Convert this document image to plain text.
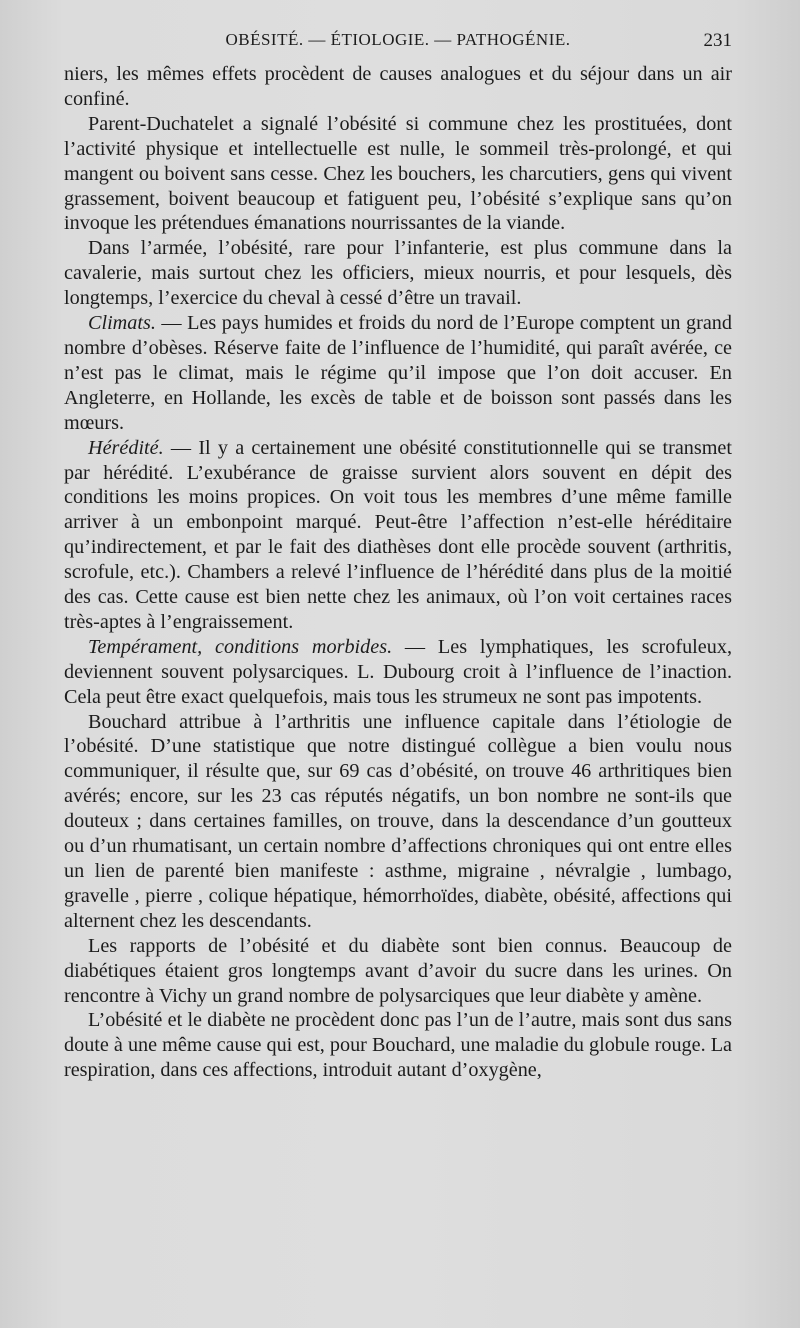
OBÉSITÉ. — ÉTIOLOGIE. — PATHOGÉNIE.	231

niers, les mêmes effets procèdent de causes analogues et du séjour dans un air confiné.

Parent-Duchatelet a signalé l’obésité si commune chez les prostituées, dont l’activité physique et intellectuelle est nulle, le sommeil très-prolongé, et qui mangent ou boivent sans cesse. Chez les bouchers, les charcutiers, gens qui vivent grassement, boivent beaucoup et fatiguent peu, l’obésité s’explique sans qu’on invoque les prétendues émanations nourrissantes de la viande.

Dans l’armée, l’obésité, rare pour l’infanterie, est plus commune dans la cavalerie, mais surtout chez les officiers, mieux nourris, et pour lesquels, dès longtemps, l’exercice du cheval à cessé d’être un travail.

Climats. — Les pays humides et froids du nord de l’Europe comptent un grand nombre d’obèses. Réserve faite de l’influence de l’humidité, qui paraît avérée, ce n’est pas le climat, mais le régime qu’il impose que l’on doit accuser. En Angleterre, en Hollande, les excès de table et de boisson sont passés dans les mœurs.

Hérédité. — Il y a certainement une obésité constitutionnelle qui se transmet par hérédité. L’exubérance de graisse survient alors souvent en dépit des conditions les moins propices. On voit tous les membres d’une même famille arriver à un embonpoint marqué. Peut-être l’affection n’est-elle héréditaire qu’indirectement, et par le fait des diathèses dont elle procède souvent (arthritis, scrofule, etc.). Chambers a relevé l’influence de l’hérédité dans plus de la moitié des cas. Cette cause est bien nette chez les animaux, où l’on voit certaines races très-aptes à l’engraissement.

Tempérament, conditions morbides. — Les lymphatiques, les scrofuleux, deviennent souvent polysarciques. L. Dubourg croit à l’influence de l’inaction. Cela peut être exact quelquefois, mais tous les strumeux ne sont pas impotents.

Bouchard attribue à l’arthritis une influence capitale dans l’étiologie de l’obésité. D’une statistique que notre distingué collègue a bien voulu nous communiquer, il résulte que, sur 69 cas d’obésité, on trouve 46 arthritiques bien avérés; encore, sur les 23 cas réputés négatifs, un bon nombre ne sont-ils que douteux ; dans certaines familles, on trouve, dans la descendance d’un goutteux ou d’un rhumatisant, un certain nombre d’affections chroniques qui ont entre elles un lien de parenté bien manifeste : asthme, migraine , névralgie , lumbago, gravelle , pierre , colique hépatique, hémorrhoïdes, diabète, obésité, affections qui alternent chez les descendants.

Les rapports de l’obésité et du diabète sont bien connus. Beaucoup de diabétiques étaient gros longtemps avant d’avoir du sucre dans les urines. On rencontre à Vichy un grand nombre de polysarciques que leur diabète y amène.

L’obésité et le diabète ne procèdent donc pas l’un de l’autre, mais sont dus sans doute à une même cause qui est, pour Bouchard, une maladie du globule rouge. La respiration, dans ces affections, introduit autant d’oxygène,
